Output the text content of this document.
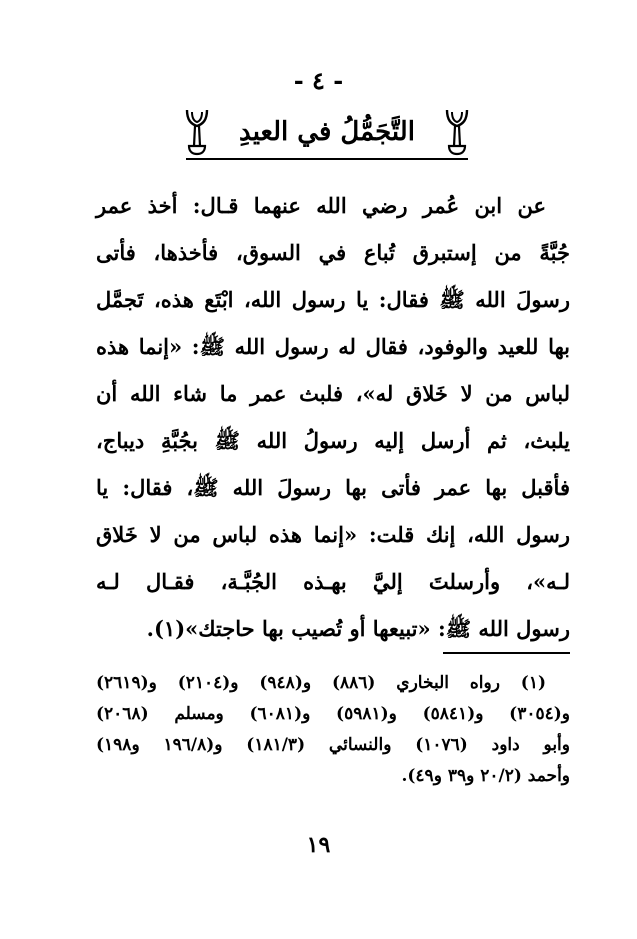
- ٤ -
التَّجَمُّلُ في العيدِ
عن ابن عُمر رضي الله عنهما قـال: أخذ عمر
جُبَّةً من إستبرق تُباع في السوق، فأخذها، فأتى
رسولَ الله ﷺ فقال: يا رسول الله، ابْتَع هذه، تَجمَّل
بها للعيد والوفود، فقال له رسول الله ﷺ: «إنما هذه
لباس من لا خَلاق له»، فلبث عمر ما شاء الله أن
يلبث، ثم أرسل إليه رسولُ الله ﷺ بجُبَّةِ ديباج،
فأقبل بها عمر فأتى بها رسولَ الله ﷺ، فقال: يا
رسول الله، إنك قلت: «إنما هذه لباس من لا خَلاق
لـه»، وأرسلتَ إليَّ بهـذه الجُبَّـة، فقـال لـه
رسول الله ﷺ: «تبيعها أو تُصيب بها حاجتك»(١).
(١) رواه البخاري (٨٨٦) و(٩٤٨) و(٢١٠٤) و(٢٦١٩)
و(٣٠٥٤) و(٥٨٤١) و(٥٩٨١) و(٦٠٨١) ومسلم (٢٠٦٨)
وأبو داود (١٠٧٦) والنسائي (١٨١/٣) و(١٩٦/٨ و١٩٨)
وأحمد (٢٠/٢ و٣٩ و٤٩).
١٩
